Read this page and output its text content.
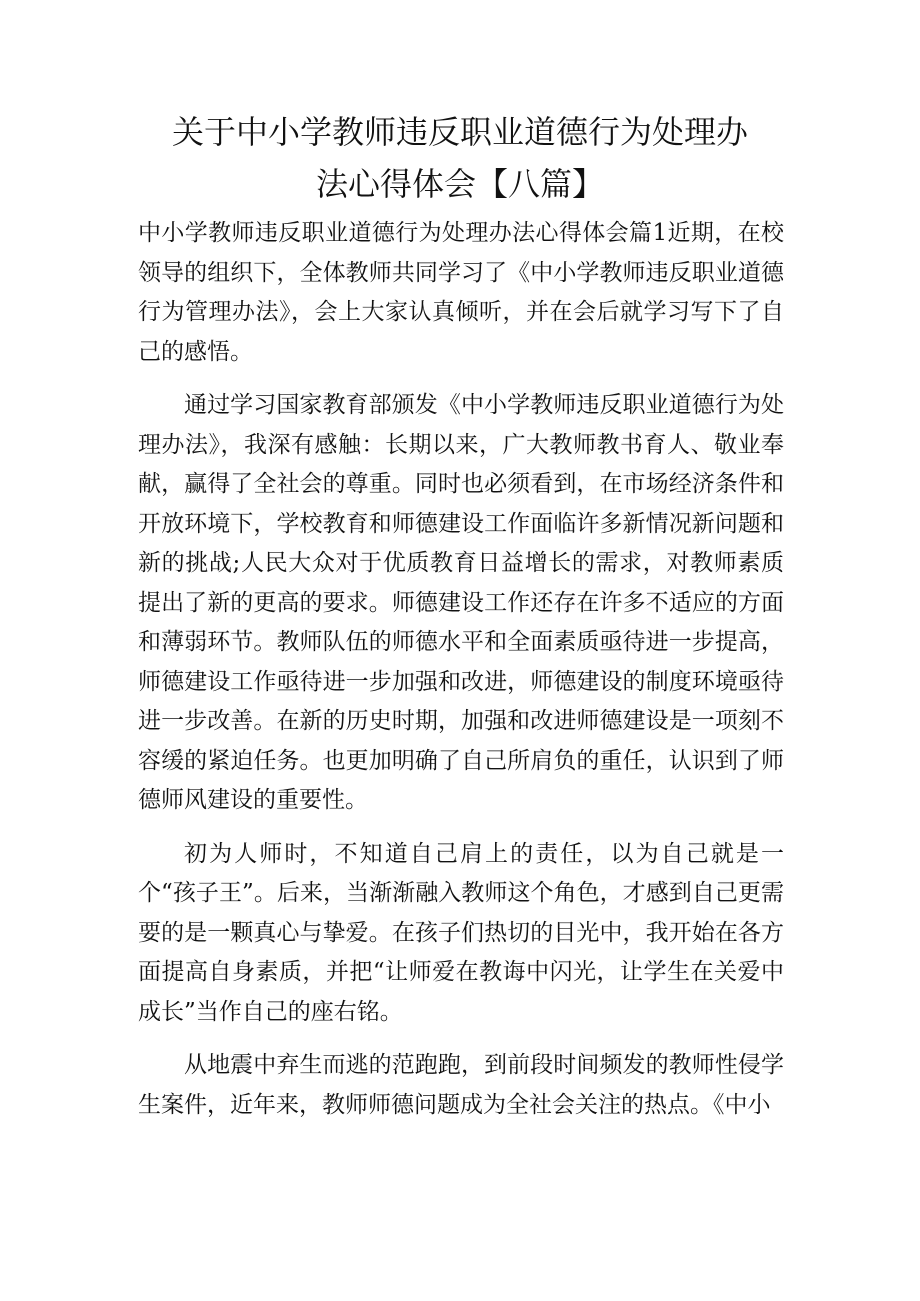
关于中小学教师违反职业道德行为处理办
法心得体会【八篇】

中小学教师违反职业道德行为处理办法心得体会篇1近期，在校领导的组织下，全体教师共同学习了《中小学教师违反职业道德行为管理办法》，会上大家认真倾听，并在会后就学习写下了自己的感悟。

通过学习国家教育部颁发《中小学教师违反职业道德行为处理办法》，我深有感触：长期以来，广大教师教书育人、敬业奉献，赢得了全社会的尊重。同时也必须看到，在市场经济条件和开放环境下，学校教育和师德建设工作面临许多新情况新问题和新的挑战;人民大众对于优质教育日益增长的需求，对教师素质提出了新的更高的要求。师德建设工作还存在许多不适应的方面和薄弱环节。教师队伍的师德水平和全面素质亟待进一步提高，师德建设工作亟待进一步加强和改进，师德建设的制度环境亟待进一步改善。在新的历史时期，加强和改进师德建设是一项刻不容缓的紧迫任务。也更加明确了自己所肩负的重任，认识到了师德师风建设的重要性。

初为人师时，不知道自己肩上的责任，以为自己就是一个“孩子王”。后来，当渐渐融入教师这个角色，才感到自己更需要的是一颗真心与挚爱。在孩子们热切的目光中，我开始在各方面提高自身素质，并把“让师爱在教诲中闪光，让学生在关爱中成长”当作自己的座右铭。

从地震中弃生而逃的范跑跑，到前段时间频发的教师性侵学生案件，近年来，教师师德问题成为全社会关注的热点。《中小
